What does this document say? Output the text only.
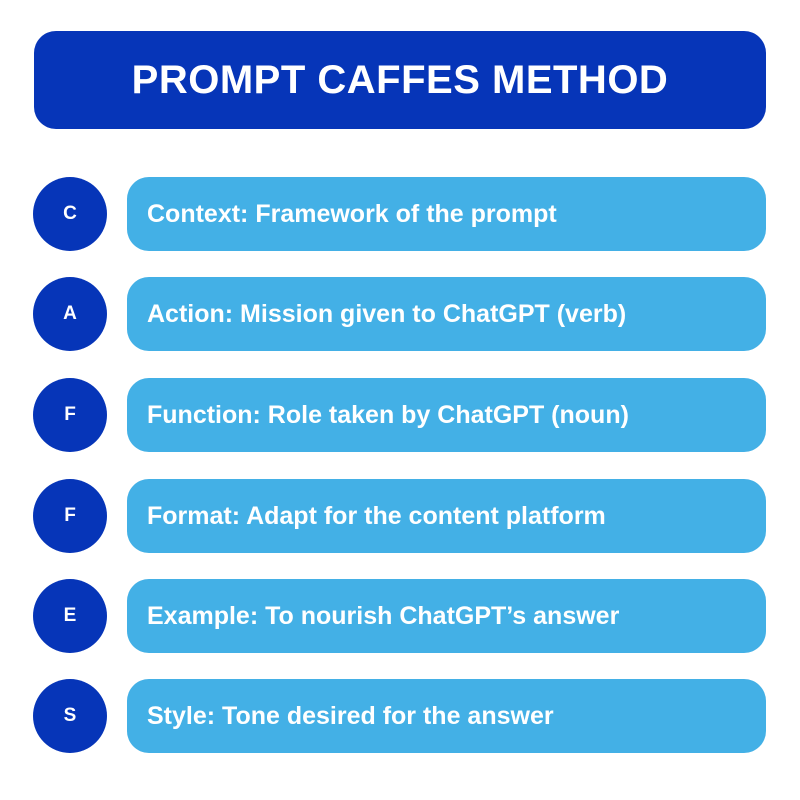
PROMPT CAFFES METHOD
C	Context: Framework of the prompt
A	Action: Mission given to ChatGPT (verb)
F	Function: Role taken by ChatGPT (noun)
F	Format: Adapt for the content platform
E	Example: To nourish ChatGPT’s answer
S	Style: Tone desired for the answer
